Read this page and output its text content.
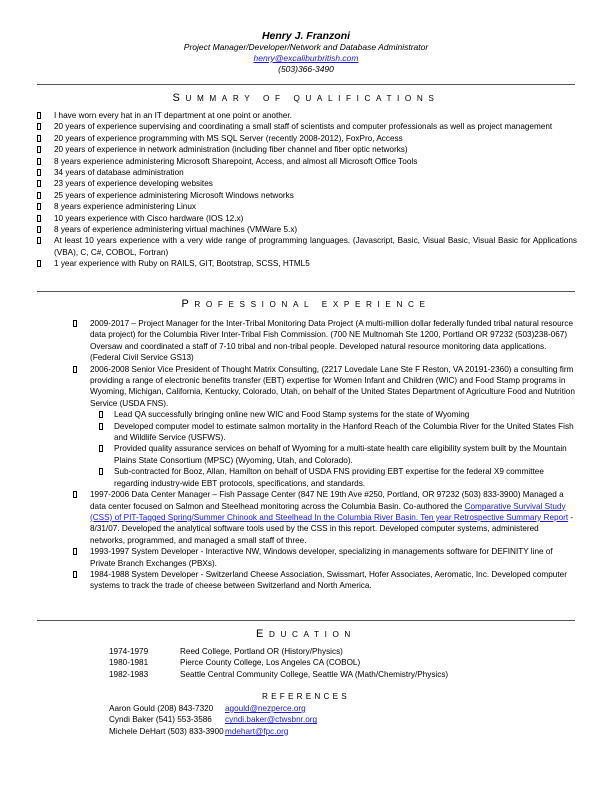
Henry J. Franzoni
Project Manager/Developer/Network and Database Administrator
henry@excaliburbritish.com
(503)366-3490
SUMMARY OF QUALIFICATIONS
I have worn every hat in an IT department at one point or another.
20 years of experience supervising and coordinating a small staff of scientists and computer professionals as well as project management
20 years of experience programming with MS SQL Server (recently 2008-2012), FoxPro, Access
20 years of experience in network administration (including fiber channel and fiber optic networks)
8 years experience administering Microsoft Sharepoint, Access, and almost all Microsoft Office Tools
34 years of database administration
23 years of experience developing websites
25 years of experience administering Microsoft Windows networks
8 years experience administering Linux
10 years experience with Cisco hardware (IOS 12.x)
8 years of experience administering virtual machines (VMWare 5.x)
At least 10 years experience with a very wide range of programming languages. (Javascript, Basic, Visual Basic, Visual Basic for Applications (VBA), C, C#, COBOL, Fortran)
1 year experience with Ruby on RAILS, GIT, Bootstrap, SCSS, HTML5
PROFESSIONAL EXPERIENCE
2009-2017 – Project Manager for the Inter-Tribal Monitoring Data Project (A multi-million dollar federally funded tribal natural resource data project) for the Columbia River Inter-Tribal Fish Commission. (700 NE Multnomah Ste 1200, Portland OR 97232 (503)238-067) Oversaw and coordinated a staff of 7-10 tribal and non-tribal people. Developed natural resource monitoring data applications. (Federal Civil Service GS13)
2006-2008 Senior Vice President of Thought Matrix Consulting, (2217 Lovedale Lane Ste F Reston, VA 20191-2360) a consulting firm providing a range of electronic benefits transfer (EBT) expertise for Women Infant and Children (WIC) and Food Stamp programs in Wyoming, Michigan, California, Kentucky, Colorado, Utah, on behalf of the United States Department of Agriculture Food and Nutrition Service (USDA FNS).
Lead QA successfully bringing online new WIC and Food Stamp systems for the state of Wyoming
Developed computer model to estimate salmon mortality in the Hanford Reach of the Columbia River for the United States Fish and Wildlife Service (USFWS).
Provided quality assurance services on behalf of Wyoming for a multi-state health care eligibility system built by the Mountain Plains State Consortium (MPSC) (Wyoming, Utah, and Colorado).
Sub-contracted for Booz, Allan, Hamilton on behalf of USDA FNS providing EBT expertise for the federal X9 committee regarding industry-wide EBT protocols, specifications, and standards.
1997-2006 Data Center Manager – Fish Passage Center (847 NE 19th Ave #250, Portland, OR 97232 (503) 833-3900) Managed a data center focused on Salmon and Steelhead monitoring across the Columbia Basin. Co-authored the Comparative Survival Study (CSS) of PIT-Tagged Spring/Summer Chinook and Steelhead In the Columbia River Basin. Ten year Retrospective Summary Report - 8/31/07. Developed the analytical software tools used by the CSS in this report. Developed computer systems, administered networks, programmed, and managed a small staff of three.
1993-1997 System Developer - Interactive NW, Windows developer, specializing in managements software for DEFINITY line of Private Branch Exchanges (PBXs).
1984-1988 System Developer - Switzerland Cheese Association, Swissmart, Hofer Associates, Aeromatic, Inc. Developed computer systems to track the trade of cheese between Switzerland and North America.
EDUCATION
1974-1979	Reed College, Portland OR (History/Physics)
1980-1981	Pierce County College, Los Angeles CA (COBOL)
1982-1983	Seattle Central Community College, Seattle WA (Math/Chemistry/Physics)
REFERENCES
Aaron Gould (208) 843-7320	agould@nezperce.org
Cyndi Baker (541) 553-3586	cyndi.baker@ctwsbnr.org
Michele DeHart (503) 833-3900 mdehart@fpc.org
